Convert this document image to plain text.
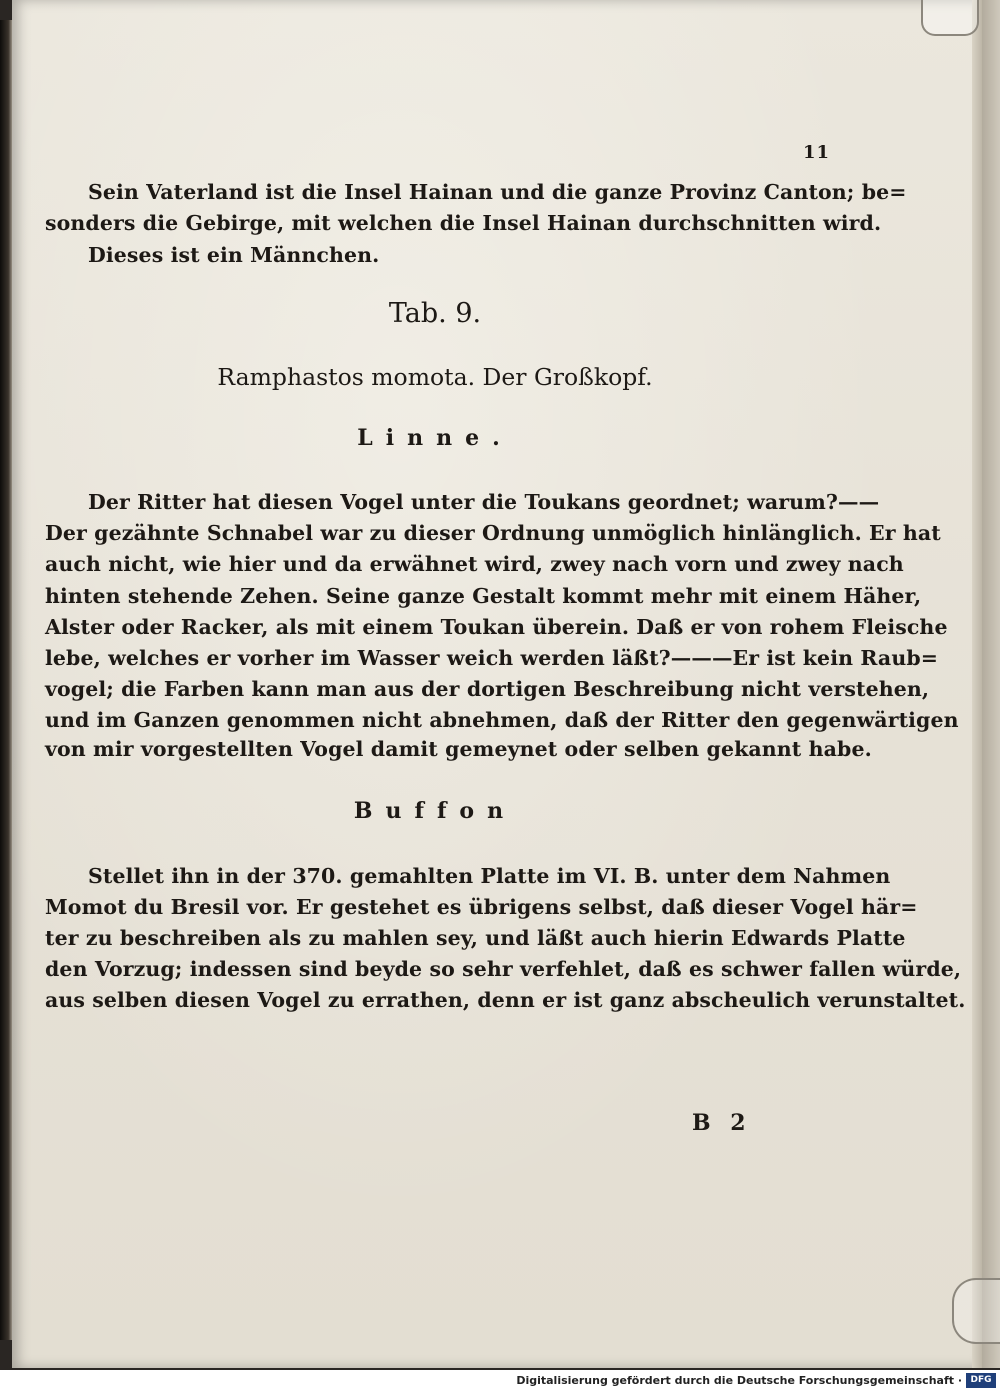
11
Sein Vaterland ist die Insel Hainan und die ganze Provinz Canton; be=
sonders die Gebirge, mit welchen die Insel Hainan durchschnitten wird.
Dieses ist ein Männchen.
Tab. 9.
Ramphastos momota. Der Großkopf.
Linne.
Der Ritter hat diesen Vogel unter die Toukans geordnet; warum?——
Der gezähnte Schnabel war zu dieser Ordnung unmöglich hinlänglich. Er hat
auch nicht, wie hier und da erwähnet wird, zwey nach vorn und zwey nach
hinten stehende Zehen. Seine ganze Gestalt kommt mehr mit einem Häher,
Alster oder Racker, als mit einem Toukan überein. Daß er von rohem Fleische
lebe, welches er vorher im Wasser weich werden läßt?———Er ist kein Raub=
vogel; die Farben kann man aus der dortigen Beschreibung nicht verstehen,
und im Ganzen genommen nicht abnehmen, daß der Ritter den gegenwärtigen
von mir vorgestellten Vogel damit gemeynet oder selben gekannt habe.
Buffon
Stellet ihn in der 370. gemahlten Platte im VI. B. unter dem Nahmen
Momot du Bresil vor. Er gestehet es übrigens selbst, daß dieser Vogel här=
ter zu beschreiben als zu mahlen sey, und läßt auch hierin Edwards Platte
den Vorzug; indessen sind beyde so sehr verfehlet, daß es schwer fallen würde,
aus selben diesen Vogel zu errathen, denn er ist ganz abscheulich verunstaltet.
B 2
Digitalisierung gefördert durch die Deutsche Forschungsgemeinschaft · DFG
